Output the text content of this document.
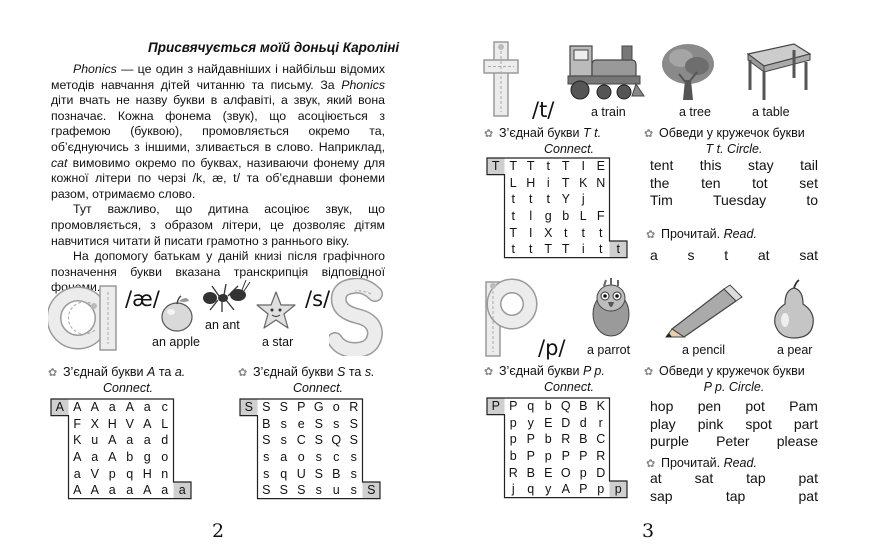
Присвячується моїй доньці Кароліні

Phonics — це один з найдавніших і найбільш відомих методів навчання дітей читанню та письму. За Phonics діти вчать не назву букви в алфавіті, а звук, який вона позначає. Кожна фонема (звук), що асоціюється з графемою (буквою), промовляється окремо та, об’єднуючись з іншими, зливається в слово. Наприклад, cat вимовимо окремо по буквах, називаючи фонему для кожної літери по черзі /k, æ, t/ та об’єднавши фонеми разом, отримаємо слово.

Тут важливо, що дитина асоціює звук, що промовляється, з образом літери, це дозволяє дітям навчитися читати й писати грамотно з раннього віку.

На допомогу батькам у даній книзі після графічного позначення букви вказана транскрипція відповідної фонеми.	/æ/
an apple
an ant
a star
/s/
✿ З’єднай букви A та a.
Connect.
A	A	A	a	A	a	c	
	F	X	H	V	A	L	
	K	u	A	a	a	d	
	A	a	A	b	g	o	
	a	V	p	q	H	n	
	A	A	a	a	A	a	a
✿ З’єднай букви S та s.
Connect.
S	S	S	P	G	o	R	
	B	s	e	S	s	S	
	S	s	C	S	Q	S	
	s	a	o	s	c	s	
	s	q	U	S	B	s	
	S	S	S	s	u	s	S
2
/t/	a train	a tree	a table
✿ З’єднай букви T t.
Connect.
T	T	T	t	T	I	E	
	L	H	i	T	K	N	
	t	t	t	Y	j		
	t	l	g	b	L	F	
	T	I	X	t	t	t	
	t	t	T	T	i	t	t
✿ Обведи у кружечок букви
T t. Circle.
tent this stay tail
the ten tot set
Tim	Tuesday	to
✿ Прочитай. Read.
a s t at sat
/p/ a parrot	a pencil	a pear
✿ З’єднай букви P p.
Connect.
P	P	q	b	Q	B	K	
	p	y	E	D	d	r	
	p	P	b	R	B	C	
	b	P	p	P	P	R	
	R	B	E	O	p	D	
	j	q	y	A	P	p	p
✿ Обведи у кружечок букви
P p. Circle.
hop pen pot Pam
play pink spot part
purple Peter please
✿ Прочитай. Read.
at sat tap pat
sap	tap	pat
3
